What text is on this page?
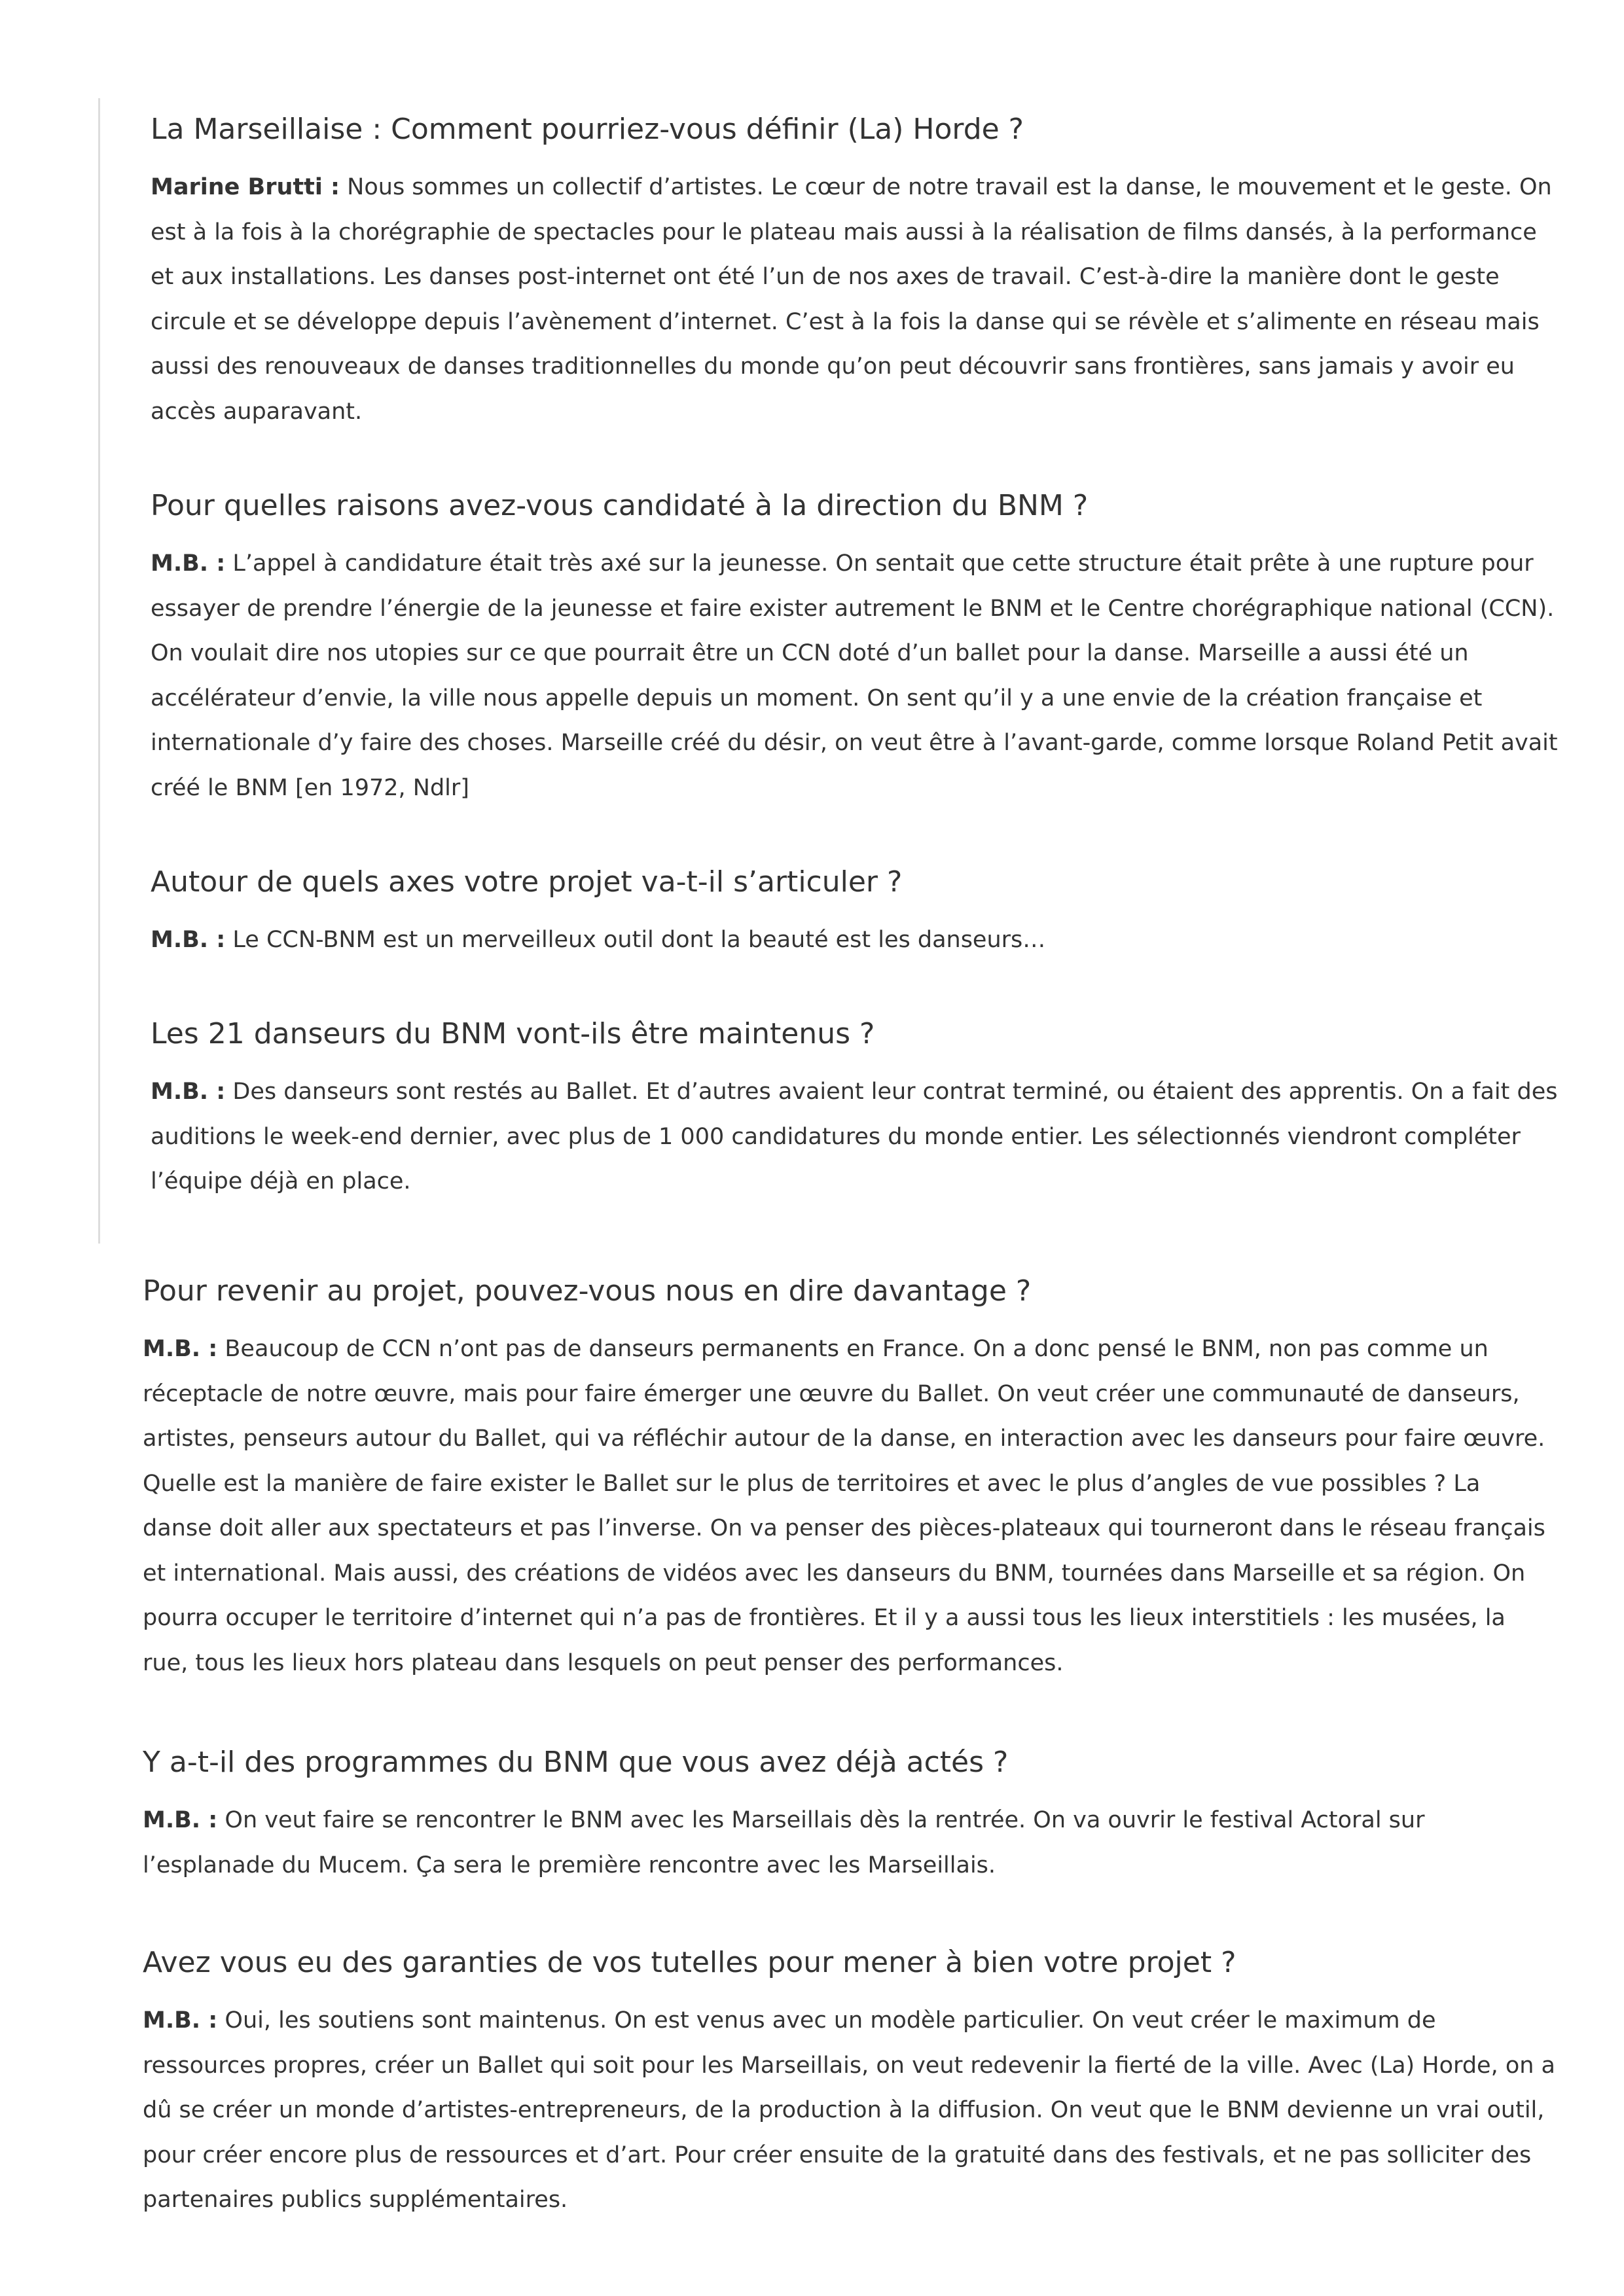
La Marseillaise : Comment pourriez-vous définir (La) Horde ?

Marine Brutti : Nous sommes un collectif d’artistes. Le cœur de notre travail est la danse, le mouvement et le geste. On est à la fois à la chorégraphie de spectacles pour le plateau mais aussi à la réalisation de films dansés, à la performance et aux installations. Les danses post-internet ont été l’un de nos axes de travail. C’est-à-dire la manière dont le geste circule et se développe depuis l’avènement d’internet. C’est à la fois la danse qui se révèle et s’alimente en réseau mais aussi des renouveaux de danses traditionnelles du monde qu’on peut découvrir sans frontières, sans jamais y avoir eu accès auparavant.

Pour quelles raisons avez-vous candidaté à la direction du BNM ?

M.B. : L’appel à candidature était très axé sur la jeunesse. On sentait que cette structure était prête à une rupture pour essayer de prendre l’énergie de la jeunesse et faire exister autrement le BNM et le Centre chorégraphique national (CCN). On voulait dire nos utopies sur ce que pourrait être un CCN doté d’un ballet pour la danse. Marseille a aussi été un accélérateur d’envie, la ville nous appelle depuis un moment. On sent qu’il y a une envie de la création française et internationale d’y faire des choses. Marseille créé du désir, on veut être à l’avant-garde, comme lorsque Roland Petit avait créé le BNM [en 1972, Ndlr]

Autour de quels axes votre projet va-t-il s’articuler ?

M.B. : Le CCN-BNM est un merveilleux outil dont la beauté est les danseurs…

Les 21 danseurs du BNM vont-ils être maintenus ?

M.B. : Des danseurs sont restés au Ballet. Et d’autres avaient leur contrat terminé, ou étaient des apprentis. On a fait des auditions le week-end dernier, avec plus de 1 000 candidatures du monde entier. Les sélectionnés viendront compléter l’équipe déjà en place.

Pour revenir au projet, pouvez-vous nous en dire davantage ?

M.B. : Beaucoup de CCN n’ont pas de danseurs permanents en France. On a donc pensé le BNM, non pas comme un réceptacle de notre œuvre, mais pour faire émerger une œuvre du Ballet. On veut créer une communauté de danseurs, artistes, penseurs autour du Ballet, qui va réfléchir autour de la danse, en interaction avec les danseurs pour faire œuvre. Quelle est la manière de faire exister le Ballet sur le plus de territoires et avec le plus d’angles de vue possibles ? La danse doit aller aux spectateurs et pas l’inverse. On va penser des pièces-plateaux qui tourneront dans le réseau français et international. Mais aussi, des créations de vidéos avec les danseurs du BNM, tournées dans Marseille et sa région. On pourra occuper le territoire d’internet qui n’a pas de frontières. Et il y a aussi tous les lieux interstitiels : les musées, la rue, tous les lieux hors plateau dans lesquels on peut penser des performances.

Y a-t-il des programmes du BNM que vous avez déjà actés ?

M.B. : On veut faire se rencontrer le BNM avec les Marseillais dès la rentrée. On va ouvrir le festival Actoral sur l’esplanade du Mucem. Ça sera le première rencontre avec les Marseillais.

Avez vous eu des garanties de vos tutelles pour mener à bien votre projet ?

M.B. : Oui, les soutiens sont maintenus. On est venus avec un modèle particulier. On veut créer le maximum de ressources propres, créer un Ballet qui soit pour les Marseillais, on veut redevenir la fierté de la ville. Avec (La) Horde, on a dû se créer un monde d’artistes-entrepreneurs, de la production à la diffusion. On veut que le BNM devienne un vrai outil, pour créer encore plus de ressources et d’art. Pour créer ensuite de la gratuité dans des festivals, et ne pas solliciter des partenaires publics supplémentaires.
